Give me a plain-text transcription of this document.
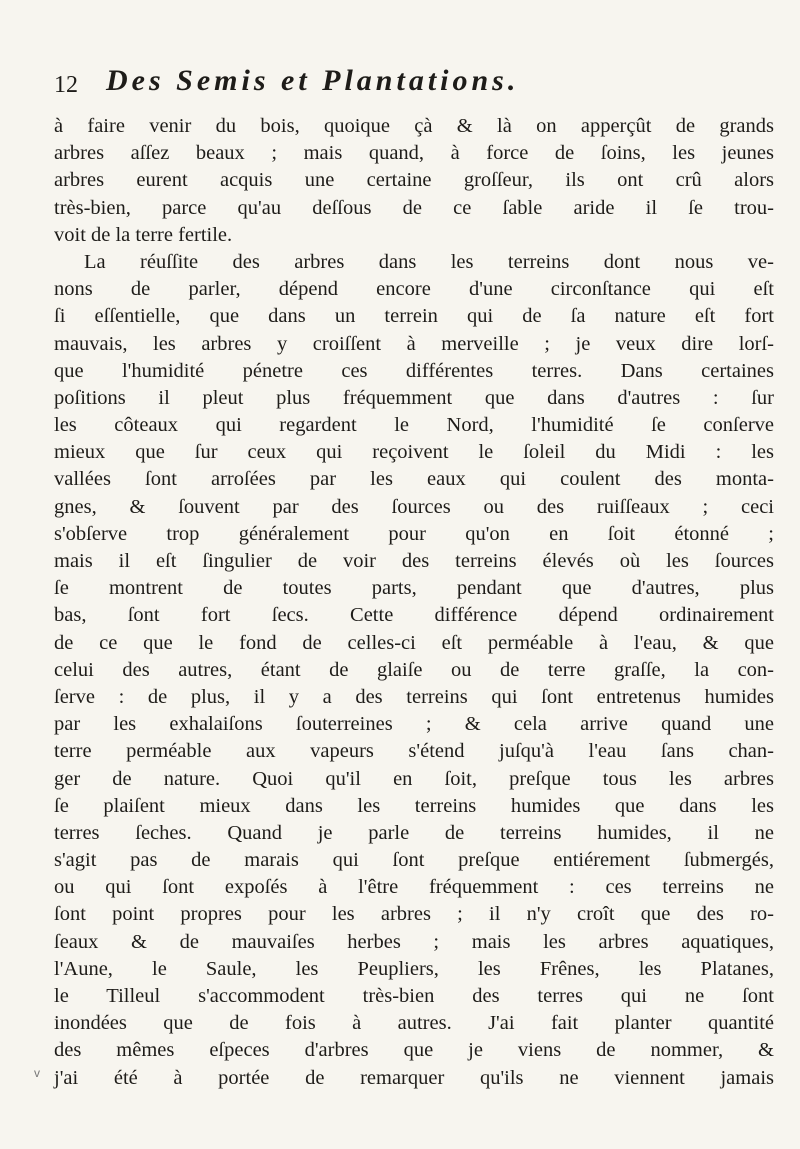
12 Des Semis et Plantations.
à faire venir du bois, quoique çà & là on apperçût de grands
arbres aſſez beaux ; mais quand, à force de ſoins, les jeunes
arbres eurent acquis une certaine groſſeur, ils ont crû alors
très-bien, parce qu'au deſſous de ce ſable aride il ſe trou-
voit de la terre fertile.
La réuſſite des arbres dans les terreins dont nous ve-
nons de parler, dépend encore d'une circonſtance qui eſt
ſi eſſentielle, que dans un terrein qui de ſa nature eſt fort
mauvais, les arbres y croiſſent à merveille ; je veux dire lorſ-
que l'humidité pénetre ces différentes terres. Dans certaines
poſitions il pleut plus fréquemment que dans d'autres : ſur
les côteaux qui regardent le Nord, l'humidité ſe conſerve
mieux que ſur ceux qui reçoivent le ſoleil du Midi : les
vallées ſont arroſées par les eaux qui coulent des monta-
gnes, & ſouvent par des ſources ou des ruiſſeaux ; ceci
s'obſerve trop généralement pour qu'on en ſoit étonné ;
mais il eſt ſingulier de voir des terreins élevés où les ſources
ſe montrent de toutes parts, pendant que d'autres, plus
bas, ſont fort ſecs. Cette différence dépend ordinairement
de ce que le fond de celles-ci eſt perméable à l'eau, & que
celui des autres, étant de glaiſe ou de terre graſſe, la con-
ſerve : de plus, il y a des terreins qui ſont entretenus humides
par les exhalaiſons ſouterreines ; & cela arrive quand une
terre perméable aux vapeurs s'étend juſqu'à l'eau ſans chan-
ger de nature. Quoi qu'il en ſoit, preſque tous les arbres
ſe plaiſent mieux dans les terreins humides que dans les
terres ſeches. Quand je parle de terreins humides, il ne
s'agit pas de marais qui ſont preſque entiérement ſubmergés,
ou qui ſont expoſés à l'être fréquemment : ces terreins ne
ſont point propres pour les arbres ; il n'y croît que des ro-
ſeaux & de mauvaiſes herbes ; mais les arbres aquatiques,
l'Aune, le Saule, les Peupliers, les Frênes, les Platanes,
le Tilleul s'accommodent très-bien des terres qui ne ſont
inondées que de fois à autres. J'ai fait planter quantité
des mêmes eſpeces d'arbres que je viens de nommer, &
j'ai été à portée de remarquer qu'ils ne viennent jamais
v
